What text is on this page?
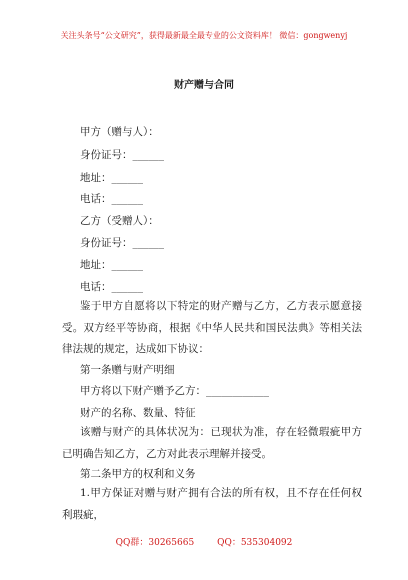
关注头条号“公文研究”，获得最新最全最专业的公文资料库！ 微信：gongwenyj
财产赠与合同
甲方（赠与人）：
身份证号：______
地址：______
电话：______
乙方（受赠人）：
身份证号：______
地址：______
电话：______
鉴于甲方自愿将以下特定的财产赠与乙方，乙方表示愿意接受。双方经平等协商，根据《中华人民共和国民法典》等相关法律法规的规定，达成如下协议：
第一条赠与财产明细
甲方将以下财产赠予乙方：____________
财产的名称、数量、特征
该赠与财产的具体状况为：已现状为准，存在轻微瑕疵甲方已明确告知乙方，乙方对此表示理解并接受。
第二条甲方的权利和义务
1.甲方保证对赠与财产拥有合法的所有权，且不存在任何权利瑕疵，
QQ群：30265665	QQ：535304092
